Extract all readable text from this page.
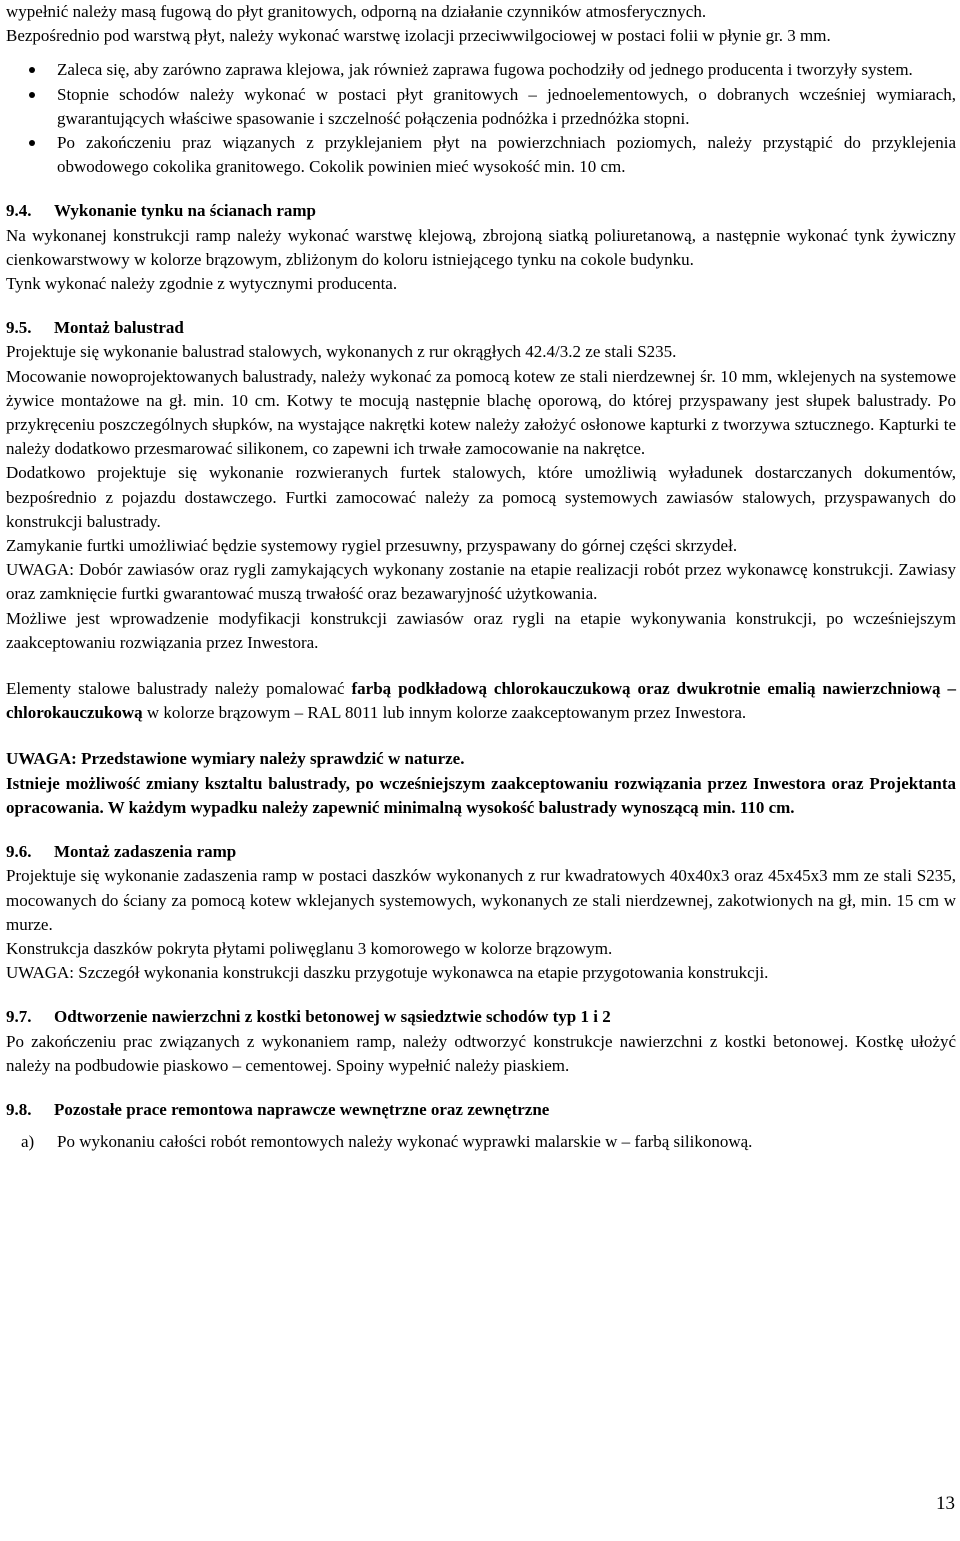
wypełnić należy masą fugową do płyt granitowych, odporną na działanie czynników atmosferycznych.

Bezpośrednio pod warstwą płyt, należy wykonać warstwę izolacji przeciwwilgociowej w postaci folii w płynie gr. 3 mm.

Zaleca się, aby zarówno zaprawa klejowa, jak również zaprawa fugowa pochodziły od jednego producenta i tworzyły system.
Stopnie schodów należy wykonać w postaci płyt granitowych – jednoelementowych, o dobranych wcześniej wymiarach, gwarantujących właściwe spasowanie i szczelność połączenia podnóżka i przednóżka stopni.
Po zakończeniu praz wiązanych z przyklejaniem płyt na powierzchniach poziomych, należy przystąpić do przyklejenia obwodowego cokolika granitowego. Cokolik powinien mieć wysokość min. 10 cm.
9.4.	Wykonanie tynku na ścianach ramp

Na wykonanej konstrukcji ramp należy wykonać warstwę klejową, zbrojoną siatką poliuretanową, a następnie wykonać tynk żywiczny cienkowarstwowy w kolorze brązowym, zbliżonym do koloru istniejącego tynku na cokole budynku.

Tynk wykonać należy zgodnie z wytycznymi producenta.

9.5.	Montaż balustrad

Projektuje się wykonanie balustrad stalowych, wykonanych z rur okrągłych 42.4/3.2 ze stali S235.

Mocowanie nowoprojektowanych balustrady, należy wykonać za pomocą kotew ze stali nierdzewnej śr. 10 mm, wklejenych na systemowe żywice montażowe na gł. min. 10 cm. Kotwy te mocują następnie blachę oporową, do której przyspawany jest słupek balustrady. Po przykręceniu poszczególnych słupków, na wystające nakrętki kotew należy założyć osłonowe kapturki z tworzywa sztucznego. Kapturki te należy dodatkowo przesmarować silikonem, co zapewni ich trwałe zamocowanie na nakrętce.

Dodatkowo projektuje się wykonanie rozwieranych furtek stalowych, które umożliwią wyładunek dostarczanych dokumentów, bezpośrednio z pojazdu dostawczego. Furtki zamocować należy za pomocą systemowych zawiasów stalowych, przyspawanych do konstrukcji balustrady.

Zamykanie furtki umożliwiać będzie systemowy rygiel przesuwny, przyspawany do górnej części skrzydeł.

UWAGA: Dobór zawiasów oraz rygli zamykających wykonany zostanie na etapie realizacji robót przez wykonawcę konstrukcji. Zawiasy oraz zamknięcie furtki gwarantować muszą trwałość oraz bezawaryjność użytkowania.

Możliwe jest wprowadzenie modyfikacji konstrukcji zawiasów oraz rygli na etapie wykonywania konstrukcji, po wcześniejszym zaakceptowaniu rozwiązania przez Inwestora.

Elementy stalowe balustrady należy pomalować farbą podkładową chlorokauczukową oraz dwukrotnie emalią nawierzchniową – chlorokauczukową w kolorze brązowym – RAL 8011 lub innym kolorze zaakceptowanym przez Inwestora.

UWAGA: Przedstawione wymiary należy sprawdzić w naturze.

Istnieje możliwość zmiany ksztaltu balustrady, po wcześniejszym zaakceptowaniu rozwiązania przez Inwestora oraz Projektanta opracowania. W każdym wypadku należy zapewnić minimalną wysokość balustrady wynoszącą min. 110 cm.

9.6.	Montaż zadaszenia ramp

Projektuje się wykonanie zadaszenia ramp w postaci daszków wykonanych z rur kwadratowych 40x40x3 oraz 45x45x3 mm ze stali S235, mocowanych do ściany za pomocą kotew wklejanych systemowych, wykonanych ze stali nierdzewnej, zakotwionych na gł, min. 15 cm w murze.

Konstrukcja daszków pokryta płytami poliwęglanu 3 komorowego w kolorze brązowym.

UWAGA: Szczegół wykonania konstrukcji daszku przygotuje wykonawca na etapie przygotowania konstrukcji.

9.7.	Odtworzenie nawierzchni z kostki betonowej w sąsiedztwie schodów typ 1 i 2

Po zakończeniu prac związanych z wykonaniem ramp, należy odtworzyć konstrukcje nawierzchni z kostki betonowej. Kostkę ułożyć należy na podbudowie piaskowo – cementowej. Spoiny wypełnić należy piaskiem.

9.8.	Pozostałe prace remontowa naprawcze wewnętrzne oraz zewnętrzne
a)	Po wykonaniu całości robót remontowych należy wykonać wyprawki malarskie w – farbą silikonową.
13
